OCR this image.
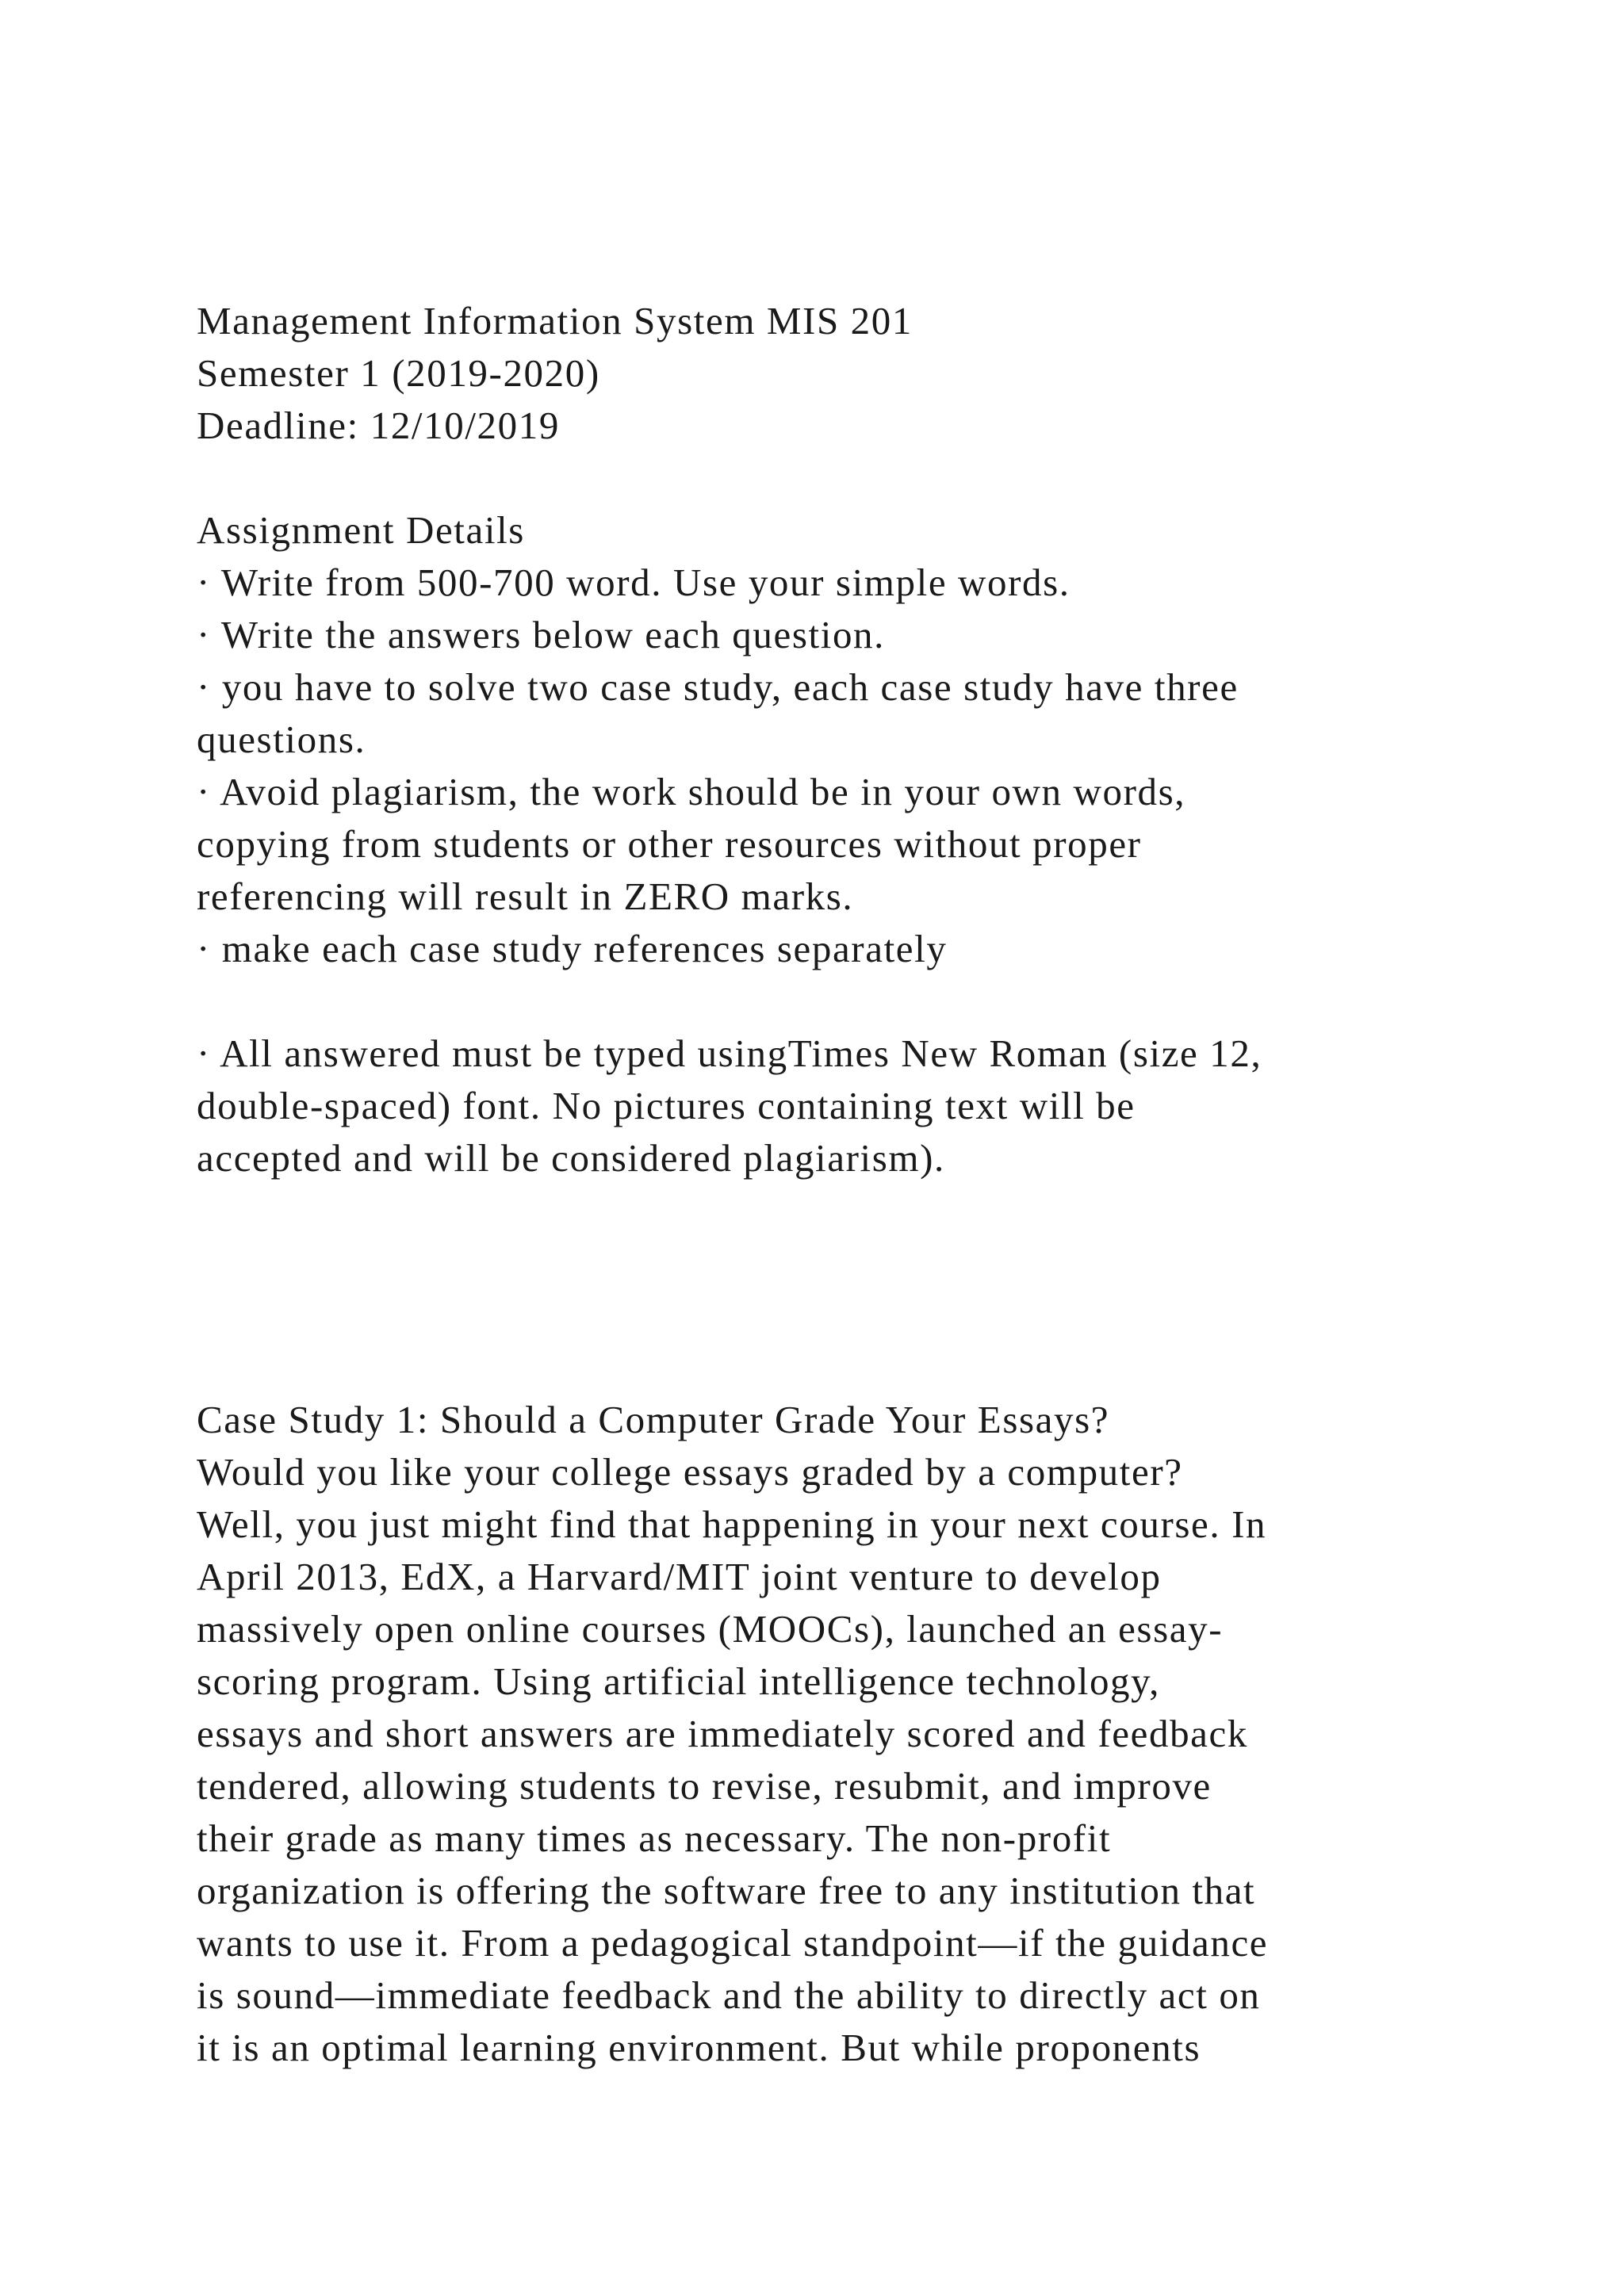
Management Information System MIS 201
Semester 1 (2019-2020)
Deadline: 12/10/2019
Assignment Details
· Write from 500-700 word. Use your simple words.
· Write the answers below each question.
· you have to solve two case study, each case study have three
questions.
· Avoid plagiarism, the work should be in your own words,
copying from students or other resources without proper
referencing will result in ZERO marks.
· make each case study references separately
· All answered must be typed usingTimes New Roman (size 12,
double-spaced) font. No pictures containing text will be
accepted and will be considered plagiarism).
Case Study 1: Should a Computer Grade Your Essays?
Would you like your college essays graded by a computer?
Well, you just might find that happening in your next course. In
April 2013, EdX, a Harvard/MIT joint venture to develop
massively open online courses (MOOCs), launched an essay-
scoring program. Using artificial intelligence technology,
essays and short answers are immediately scored and feedback
tendered, allowing students to revise, resubmit, and improve
their grade as many times as necessary. The non-profit
organization is offering the software free to any institution that
wants to use it. From a pedagogical standpoint—if the guidance
is sound—immediate feedback and the ability to directly act on
it is an optimal learning environment. But while proponents
